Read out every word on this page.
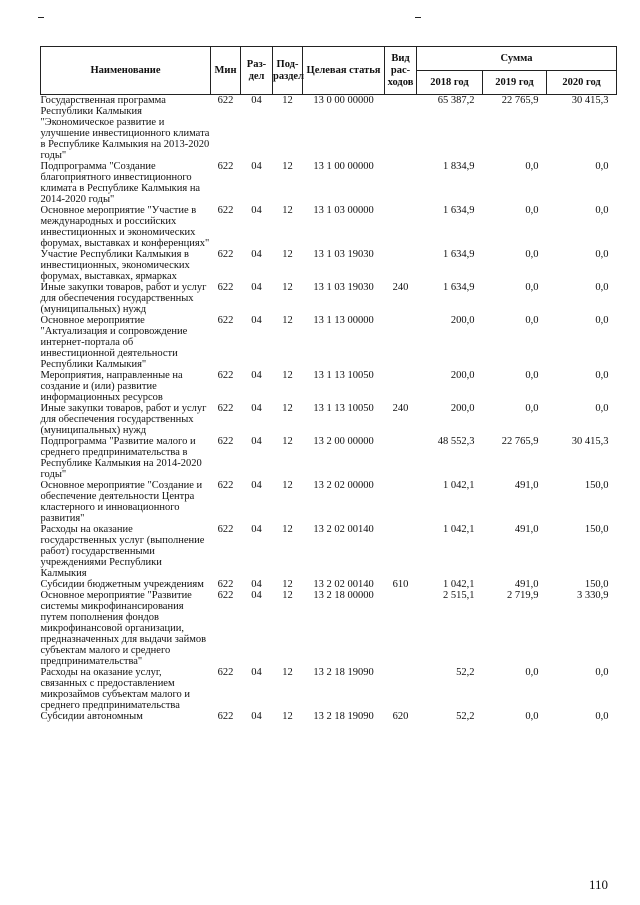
Наименование	Мин	Раз-дел	Под-раздел	Целевая статья	Вид рас-ходов	Сумма		
						2018 год	2019 год	2020 год
Государственная программа Республики Калмыкия "Экономическое развитие и улучшение инвестиционного климата в Республике Калмыкия на 2013-2020 годы"	622	04	12	13 0 00 00000		65 387,2	22 765,9	30 415,3
Подпрограмма "Создание благоприятного инвестиционного климата в Республике Калмыкия на 2014-2020 годы"	622	04	12	13 1 00 00000		1 834,9	0,0	0,0
Основное мероприятие "Участие в международных и российских инвестиционных и экономических форумах, выставках и конференциях"	622	04	12	13 1 03 00000		1 634,9	0,0	0,0
Участие Республики Калмыкия в инвестиционных, экономических форумах, выставках, ярмарках	622	04	12	13 1 03 19030		1 634,9	0,0	0,0
Иные закупки товаров, работ и услуг для обеспечения государственных (муниципальных) нужд	622	04	12	13 1 03 19030	240	1 634,9	0,0	0,0
Основное мероприятие "Актуализация и сопровождение интернет-портала об инвестиционной деятельности Республики Калмыкия"	622	04	12	13 1 13 00000		200,0	0,0	0,0
Мероприятия, направленные на создание и (или) развитие информационных ресурсов	622	04	12	13 1 13 10050		200,0	0,0	0,0
Иные закупки товаров, работ и услуг для обеспечения государственных (муниципальных) нужд	622	04	12	13 1 13 10050	240	200,0	0,0	0,0
Подпрограмма "Развитие малого и среднего предпринимательства в Республике Калмыкия на 2014-2020 годы"	622	04	12	13 2 00 00000		48 552,3	22 765,9	30 415,3
Основное мероприятие "Создание и обеспечение деятельности Центра кластерного и инновационного развития"	622	04	12	13 2 02 00000		1 042,1	491,0	150,0
Расходы на оказание государственных услуг (выполнение работ) государственными учреждениями Республики Калмыкия	622	04	12	13 2 02 00140		1 042,1	491,0	150,0
Субсидии бюджетным учреждениям	622	04	12	13 2 02 00140	610	1 042,1	491,0	150,0
Основное мероприятие "Развитие системы микрофинансирования путем пополнения фондов микрофинансовой организации, предназначенных для выдачи займов субъектам малого и среднего предпринимательства"	622	04	12	13 2 18 00000		2 515,1	2 719,9	3 330,9
Расходы на оказание услуг, связанных с предоставлением микрозаймов субъектам малого и среднего предпринимательства	622	04	12	13 2 18 19090		52,2	0,0	0,0
Субсидии автономным	622	04	12	13 2 18 19090	620	52,2	0,0	0,0
110
